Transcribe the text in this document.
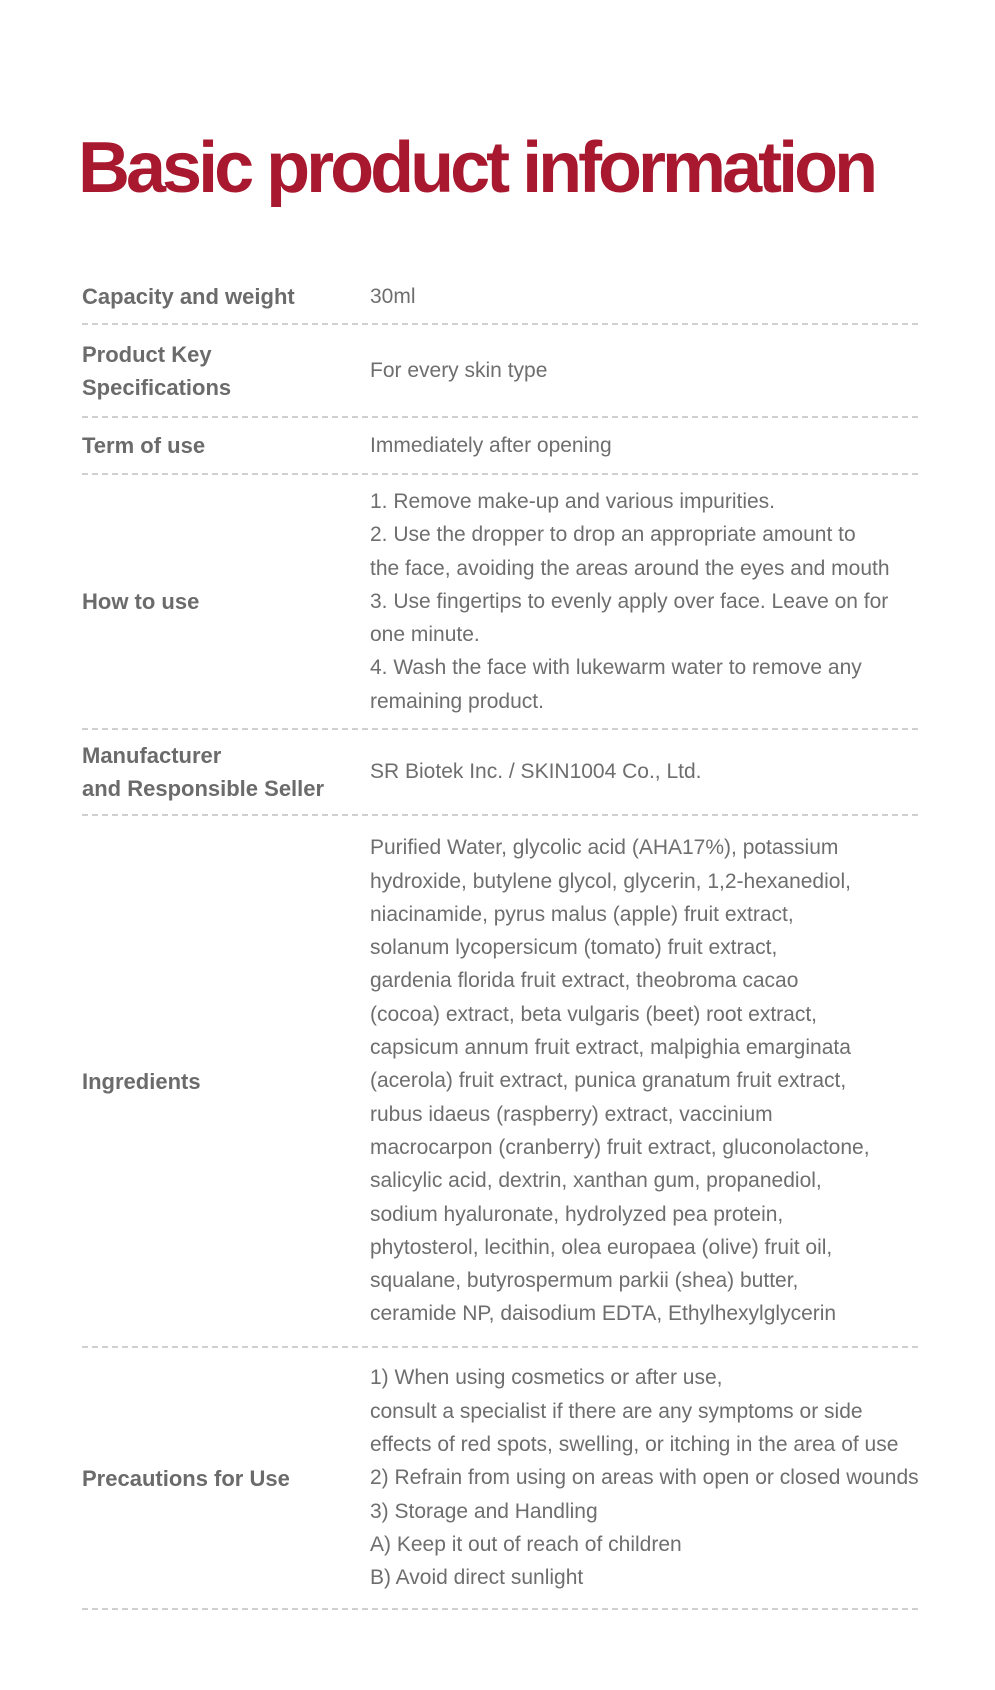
Basic product information
Capacity and weight	30ml
Product Key
Specifications
For every skin type
Term of use	Immediately after opening
How to use
1. Remove make-up and various impurities.
2. Use the dropper to drop an appropriate amount to
the face, avoiding the areas around the eyes and mouth
3. Use fingertips to evenly apply over face. Leave on for
one minute.
4. Wash the face with lukewarm water to remove any
remaining product.
Manufacturer
and Responsible Seller
SR Biotek Inc. / SKIN1004 Co., Ltd.
Ingredients
Purified Water, glycolic acid (AHA17%), potassium
hydroxide, butylene glycol, glycerin, 1,2-hexanediol,
niacinamide, pyrus malus (apple) fruit extract,
solanum lycopersicum (tomato) fruit extract,
gardenia florida fruit extract, theobroma cacao
(cocoa) extract, beta vulgaris (beet) root extract,
capsicum annum fruit extract, malpighia emarginata
(acerola) fruit extract, punica granatum fruit extract,
rubus idaeus (raspberry) extract, vaccinium
macrocarpon (cranberry) fruit extract, gluconolactone,
salicylic acid, dextrin, xanthan gum, propanediol,
sodium hyaluronate, hydrolyzed pea protein,
phytosterol, lecithin, olea europaea (olive) fruit oil,
squalane, butyrospermum parkii (shea) butter,
ceramide NP, daisodium EDTA, Ethylhexylglycerin
Precautions for Use
1) When using cosmetics or after use,
consult a specialist if there are any symptoms or side
effects of red spots, swelling, or itching in the area of use
2) Refrain from using on areas with open or closed wounds
3) Storage and Handling
A) Keep it out of reach of children
B) Avoid direct sunlight
